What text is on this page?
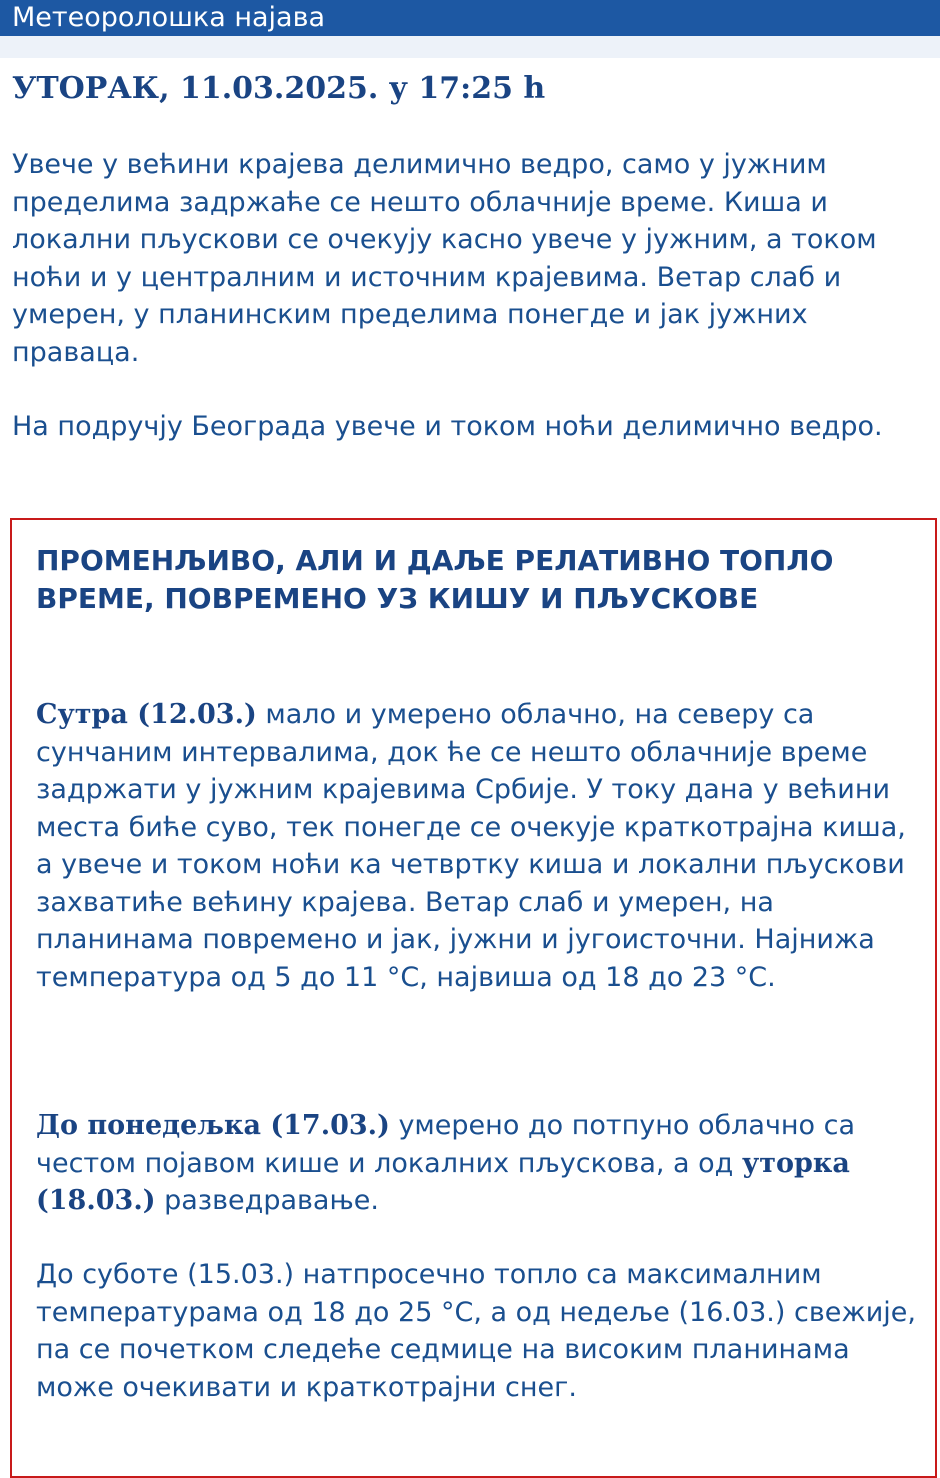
Метеоролошка најава
УТОРАК, 11.03.2025. у 17:25 h

Увече у већини крајева делимично ведро, само у јужним пределима задржаће се нешто облачније време. Киша и локални пљускови се очекују касно увече у јужним, а током ноћи и у централним и источним крајевима. Ветар слаб и умерен, у планинским пределима понегде и јак јужних праваца.

На подручју Београда увече и током ноћи делимично ведро.

ПРОМЕНЉИВО, АЛИ И ДАЉЕ РЕЛАТИВНО ТОПЛО ВРЕМЕ, ПОВРЕМЕНО УЗ КИШУ И ПЉУСКОВЕ

Сутра (12.03.) мало и умерено облачно, на северу са сунчаним интервалима, док ће се нешто облачније време задржати у јужним крајевима Србије. У току дана у већини места биће суво, тек понегде се очекује краткотрајна киша, а увече и током ноћи ка четвртку киша и локални пљускови захватиће већину крајева. Ветар слаб и умерен, на планинама повремено и јак, јужни и југоисточни. Најнижа температура од 5 до 11 °C, највиша од 18 до 23 °C.

До понедељка (17.03.) умерено до потпуно облачно са честом појавом кише и локалних пљускова, а од уторка (18.03.) разведравање.

До суботе (15.03.) натпросечно топло са максималним температурама од 18 до 25 °C, а од недеље (16.03.) свежије, па се почетком следеће седмице на високим планинама може очекивати и краткотрајни снег.
